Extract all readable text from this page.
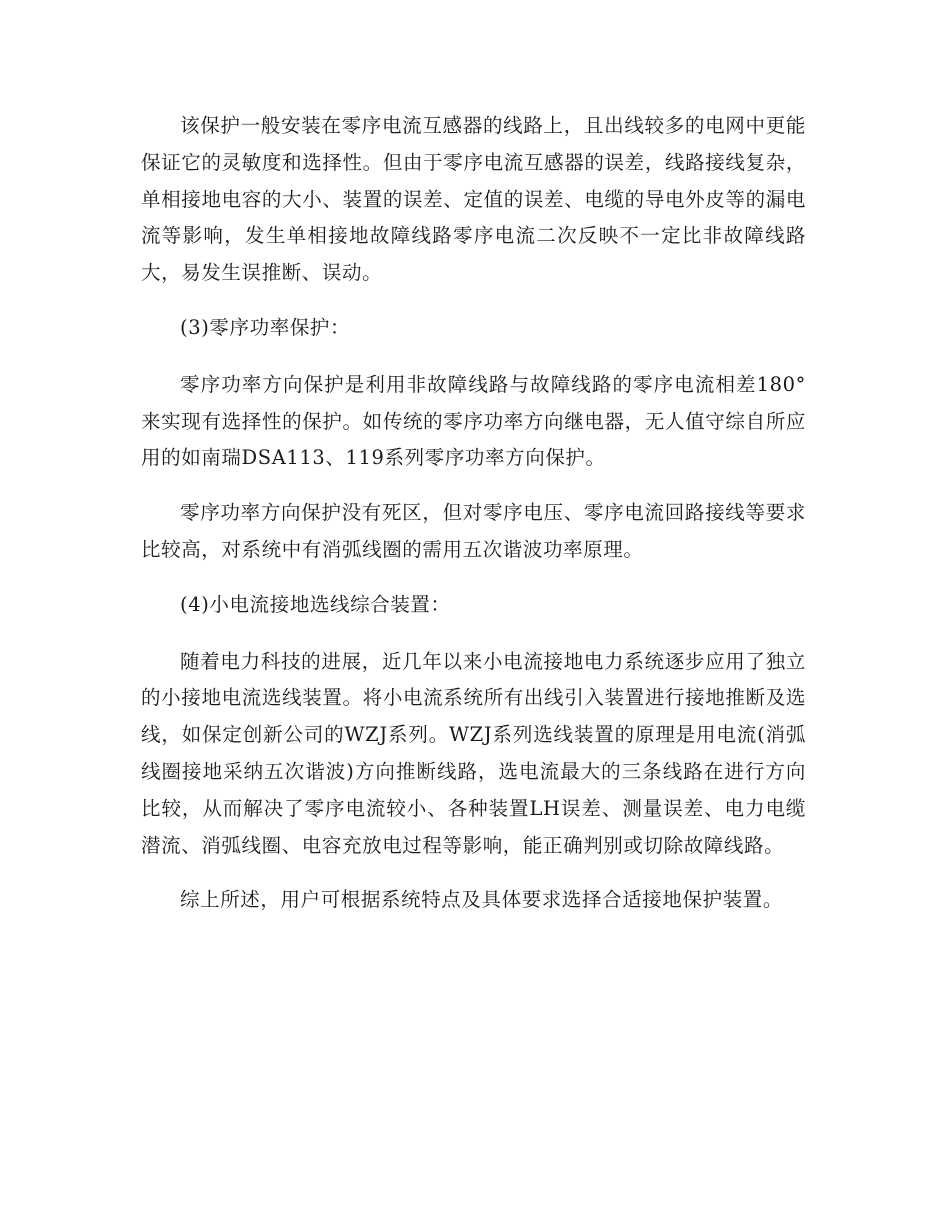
该保护一般安装在零序电流互感器的线路上，且出线较多的电网中更能保证它的灵敏度和选择性。但由于零序电流互感器的误差，线路接线复杂，单相接地电容的大小、装置的误差、定值的误差、电缆的导电外皮等的漏电流等影响，发生单相接地故障线路零序电流二次反映不一定比非故障线路大，易发生误推断、误动。

(3)零序功率保护：

零序功率方向保护是利用非故障线路与故障线路的零序电流相差180°来实现有选择性的保护。如传统的零序功率方向继电器，无人值守综自所应用的如南瑞DSA113、119系列零序功率方向保护。

零序功率方向保护没有死区，但对零序电压、零序电流回路接线等要求比较高，对系统中有消弧线圈的需用五次谐波功率原理。

(4)小电流接地选线综合装置：

随着电力科技的进展，近几年以来小电流接地电力系统逐步应用了独立的小接地电流选线装置。将小电流系统所有出线引入装置进行接地推断及选线，如保定创新公司的WZJ系列。WZJ系列选线装置的原理是用电流(消弧线圈接地采纳五次谐波)方向推断线路，选电流最大的三条线路在进行方向比较，从而解决了零序电流较小、各种装置LH误差、测量误差、电力电缆潜流、消弧线圈、电容充放电过程等影响，能正确判别或切除故障线路。

综上所述，用户可根据系统特点及具体要求选择合适接地保护装置。
